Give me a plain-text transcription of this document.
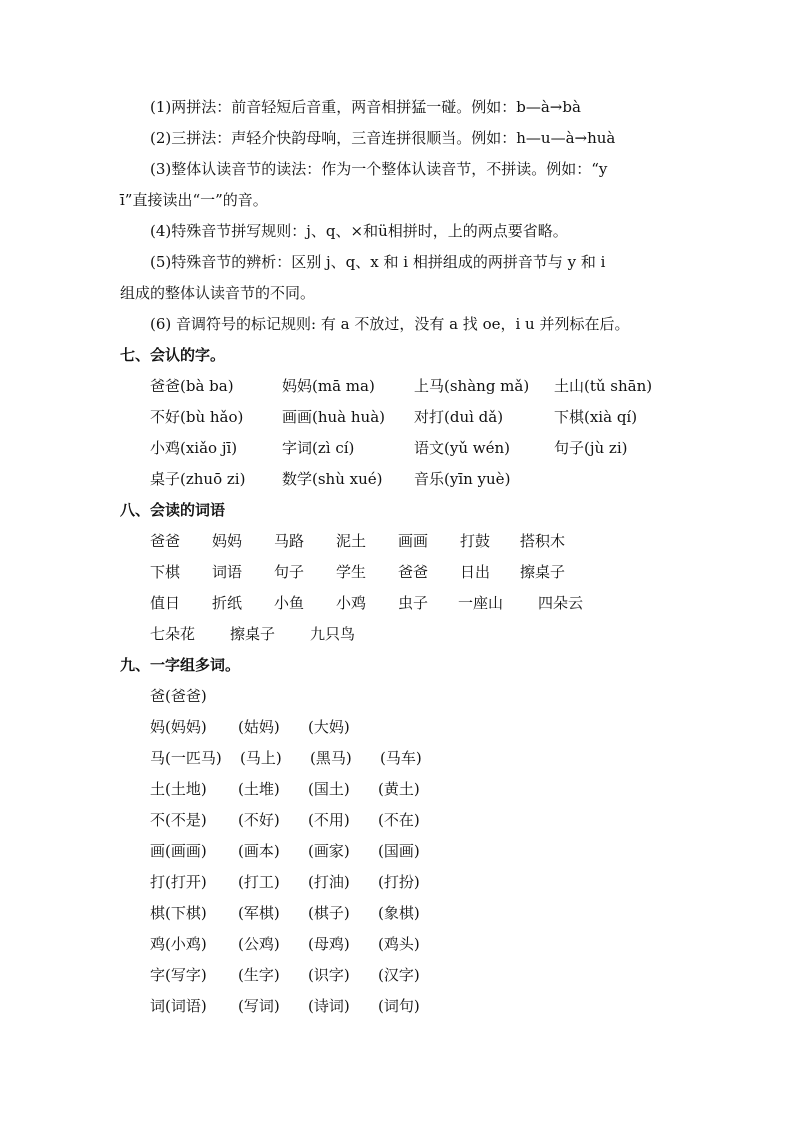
(1)两拼法：前音轻短后音重，两音相拼猛一碰。例如：b—à→bà
(2)三拼法：声轻介快韵母响，三音连拼很顺当。例如：h—u—à→huà
(3)整体认读音节的读法：作为一个整体认读音节，不拼读。例如：“y
ī”直接读出“一”的音。
(4)特殊音节拼写规则：j、q、×和ü相拼时，上的两点要省略。
(5)特殊音节的辨析：区别 j、q、x 和 i 相拼组成的两拼音节与 y 和 i
组成的整体认读音节的不同。
(6) 音调符号的标记规则: 有 a 不放过，没有 a 找 oe，i u 并列标在后。
七、会认的字。
爸爸(bà ba)	妈妈(mā ma)	上马(shàng mǎ) 土山(tǔ shān)
不好(bù hǎo)	画画(huà huà) 对打(duì dǎ)	下棋(xià qí)
小鸡(xiǎo jī)	字词(zì cí)	语文(yǔ wén)	句子(jù zi)
桌子(zhuō zi) 数学(shù xué) 音乐(yīn yuè)
八、会读的词语
爸爸 妈妈 马路 泥土 画画 打鼓 搭积木
下棋 词语 句子 学生 爸爸 日出 擦桌子
值日 折纸 小鱼 小鸡 虫子 一座山 四朵云
七朵花 擦桌子 九只鸟
九、一字组多词。
爸(爸爸)
妈(妈妈) (姑妈) (大妈)
马(一匹马) (马上) (黑马) (马车)
土(土地) (土堆) (国土) (黄土)
不(不是) (不好) (不用) (不在)
画(画画) (画本) (画家) (国画)
打(打开) (打工) (打油) (打扮)
棋(下棋) (军棋) (棋子) (象棋)
鸡(小鸡) (公鸡) (母鸡) (鸡头)
字(写字) (生字) (识字) (汉字)
词(词语) (写词) (诗词) (词句)
